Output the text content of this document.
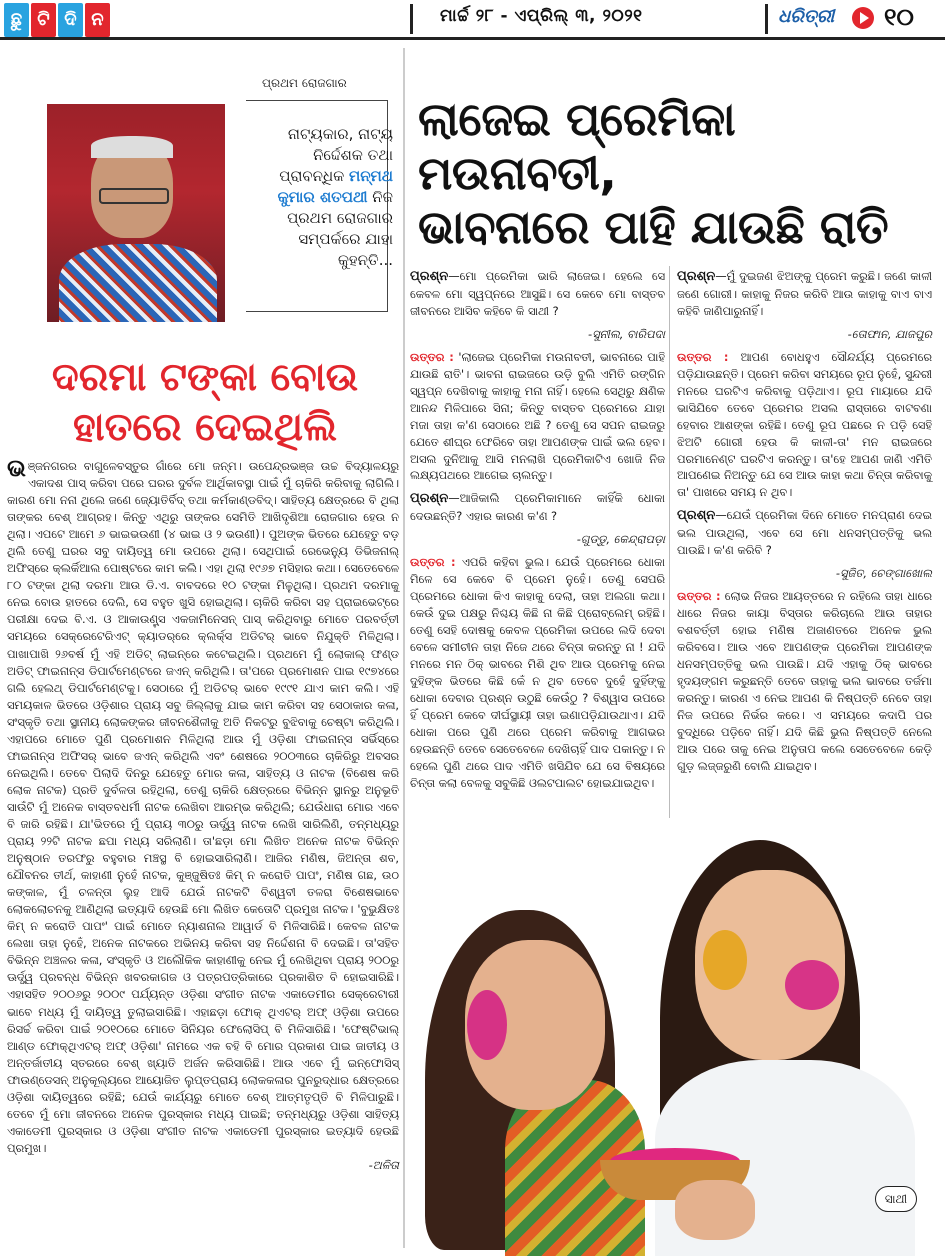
ଛୁ ଟି ଦି ନ	ମାର୍ଚ୍ଚ ୨୮ - ଏପ୍ରିଲ୍ ୩, ୨୦୨୧	ଧରିତ୍ରୀ ୧୦
ପ୍ରଥମ ରୋଜଗାର
ନାଟ୍ୟକାର, ନାଟ୍ୟ ନିର୍ଦ୍ଦେଶକ ତଥା ପ୍ରାବନ୍ଧିକ ମନ୍ମଥ କୁମାର ଶତପଥୀ ନିଜ ପ୍ରଥମ ରୋଜଗାର ସମ୍ପର୍କରେ ଯାହା କୁହନ୍ତି...
ଦରମା ଟଙ୍କା ବୋଉ ହାତରେ ଦେଇଥିଲି
ଭଞ୍ଜନଗରର ବାଗୁଳେବସ୍ତୁର ଗାଁରେ ମୋ ଜନ୍ମ। ଉପେନ୍ଦ୍ରଭଞ୍ଜ ଉଚ୍ଚ ବିଦ୍ୟାଳୟରୁ ଏକାଦଶ ପାସ୍ କରିବା ପରେ ଘରର ଦୁର୍ବଳ ଆର୍ଥିକାବସ୍ଥା ପାଇଁ ମୁଁ ଚାକିରି କରିବାକୁ ଲାଗିଲି। କାରଣ ମୋ ନନା ଥିଲେ ଜଣେ ଜ୍ୟୋତିର୍ବିଦ୍ ତଥା କର୍ମକାଣ୍ଡବିଦ୍। ସାହିତ୍ୟ କ୍ଷେତ୍ରରେ ବି ଥିଲା ତାଙ୍କର ବେଶ୍ ଆଗ୍ରହ। କିନ୍ତୁ ଏଥିରୁ ତାଙ୍କର ସେମିତି ଆଖିଦୃଶିଆ ରୋଜଗାର ହେଉ ନ ଥିଲା। ଏପଟେ ଆମେ ୬ ଭାଇଭଉଣୀ (୪ ଭାଇ ଓ ୨ ଭଉଣୀ)। ପୁଅଙ୍କ ଭିତରେ ଯେହେତୁ ବଡ଼ ଥିଲି ତେଣୁ ଘରର ସବୁ ଦାୟିତ୍ୱ ମୋ ଉପରେ ଥିଲା। ସେଥିପାଇଁ ରେଭେନ୍ୟୁ ଡିଭିଜନାଲ୍ ଅଫିସ୍‌ରେ କ୍ଲର୍କିଆଲ ପୋଷ୍ଟରେ କାମ କଲି। ଏହା ଥିଲା ୧୯୬୭ ମସିହାର କଥା। ସେତେବେଳେ ୮୦ ଟଙ୍କା ଥିଲା ଦରମା ଆଉ ଡି.ଏ. ବାବଦରେ ୧୦ ଟଙ୍କା ମିଳୁଥିଲା। ପ୍ରଥମ ଦରମାକୁ ନେଇ ବୋଉ ହାତରେ ଦେଲି, ସେ ବହୁତ ଖୁସି ହୋଇଥିଲା। ଚାକିରି କରିବା ସହ ପ୍ରାଇଭେଟ୍‌ରେ ପରୀକ୍ଷା ଦେଇ ବି.ଏ. ଓ ଆକାଉଣ୍ଟ୍ସ ଏକଜାମିନେସନ୍ ପାସ୍ କରିଥିବାରୁ ମୋତେ ପରବର୍ତ୍ତୀ ସମୟରେ ସେକ୍ରେଟେରିଏଟ୍ କ୍ୟାଡର୍‌ରେ କ୍ଲର୍କ୍‌ସ ଅଡିଟର୍ ଭାବେ ନିଯୁକ୍ତି ମିଳିଥିଲା। ପାଖାପାଖି ୨୬ବର୍ଷ ମୁଁ ଏହି ଅଡିଟ୍ ଲାଇନ୍‌ରେ କଟେଇଥିଲି। ପ୍ରଥମେ ମୁଁ ଲୋକାଲ୍ ଫଣ୍ଡ ଅଡିଟ୍ ଫାଇନାନ୍ସ ଡିପାର୍ଟମେଣ୍ଟରେ ଜଏନ୍ କରିଥିଲି। ତା'ପରେ ପ୍ରମୋଶନ ପାଇ ୧୯୭୪ରେ ଗଲି ହେଲଥ୍ ଡିପାର୍ଟମେଣ୍ଟକୁ। ସେଠାରେ ମୁଁ ଅଡିଟର୍ ଭାବେ ୧୯୯୧ ଯାଏ କାମ କଲି। ଏହି ସମୟକାଳ ଭିତରେ ଓଡ଼ିଶାର ପ୍ରାୟ ସବୁ ଜିଲ୍ଲାକୁ ଯାଇ କାମ କରିବା ସହ ସେଠାକାର କଳା, ସଂସ୍କୃତି ତଥା ସ୍ଥାନୀୟ ଲୋକଙ୍କର ଜୀବନଶୈଳୀକୁ ଅତି ନିକଟରୁ ବୁଝିବାକୁ ଚେଷ୍ଟା କରିଥିଲି। ଏହାପରେ ମୋତେ ପୁଣି ପ୍ରମୋଶନ ମିଳିଥିଲା ଆଉ ମୁଁ ଓଡ଼ିଶା ଫାଇନାନ୍ସ ସର୍ଭିସ୍‌ରେ ଫାଇନାନ୍ସ ଅଫିସର୍ ଭାବେ ଜଏନ୍ କରିଥିଲି ଏବଂ ଶେଷରେ ୨୦୦୩ରେ ଚାକିରିରୁ ଅବସର ନେଇଥିଲି। ତେବେ ପିଲାଦି ଦିନରୁ ଯେହେତୁ ମୋର କଳା, ସାହିତ୍ୟ ଓ ନାଟକ (ବିଶେଷ କରି ଲୋକ ନାଟକ) ପ୍ରତି ଦୁର୍ବଳତା ରହିଥିଲା, ତେଣୁ ଚାକିରି କ୍ଷେତ୍ରରେ ବିଭିନ୍ନ ସ୍ଥାନରୁ ଅନୁଭୂତି ସାଉଁଟି ମୁଁ ଅନେକ ବାସ୍ତବଧର୍ମୀ ନାଟକ ଲେଖିବା ଆରମ୍ଭ କରିଥିଲି; ଯେଉଁଧାରା ମୋର ଏବେ ବି ଜାରି ରହିଛି। ଯା'ଭିତରେ ମୁଁ ପ୍ରାୟ ୩୦ରୁ ଊର୍ଦ୍ଧ୍ୱ ନାଟକ ଲେଖି ସାରିଲିଣି, ତନ୍ମଧ୍ୟରୁ ପ୍ରାୟ ୨୨ଟି ନାଟକ ଛପା ମଧ୍ୟ ସରିଲାଣି। ତା'ଛଡ଼ା ମୋ ଲିଖିତ ଅନେକ ନାଟକ ବିଭିନ୍ନ ଅନୁଷ୍ଠାନ ତରଫରୁ ବହୁବାର ମଞ୍ଚସ୍ଥ ବି ହୋଇସାରିଲାଣି। ଆଜିର ମଣିଷ, ଜିଅନ୍ତା ଶବ, ଯୌବନର ତୀର୍ଥ, କାହାଣୀ ନୁହେଁ ନାଟକ, କୁଞ୍ଜୁଷିତଃ କିମ୍ ନ କରୋତି ପାପଂ, ମଣିଷ ଗଛ, ଉଠ କଙ୍କାଳ, ମୁଁ ଚଳନ୍ତା ଲୁହ ଆଦି ଯେଉଁ ନାଟକଟି ବିଶ୍ୱବୀ ତଳରା ବିଶେଷଭାବେ ଲୋକଲୋଚନକୁ ଆଣିଥିଲା ଇତ୍ୟାଦି ହେଉଛି ମୋ ଲିଖିତ କେତୋଟି ପ୍ରମୁଖ ନାଟକ। 'ବୁଭୁକ୍ଷିତଃ କିମ୍ ନ କରୋତି ପାପଂ' ପାଇଁ ମୋତେ ନ୍ୟାଶନାଲ ଆୱାର୍ଡ ବି ମିଳିସାରିଛି। କେବଳ ନାଟକ ଲେଖା ତାହା ନୁହେଁ, ଅନେକ ନାଟକରେ ଅଭିନୟ କରିବା ସହ ନିର୍ଦ୍ଦେଶନା ବି ଦେଇଛି। ତା'ସହିତ ବିଭିନ୍ନ ଅଞ୍ଚଳର କଳା, ସଂସ୍କୃତି ଓ ଅଲୌକିକ କାହାଣୀକୁ ନେଇ ମୁଁ ଲେଖିଥିବା ପ୍ରାୟ ୨୦୦ରୁ ଊର୍ଦ୍ଧ୍ୱ ପ୍ରବନ୍ଧ ବିଭିନ୍ନ ଖବରକାଗଜ ଓ ପତ୍ରପତ୍ରିକାରେ ପ୍ରକାଶିତ ବି ହୋଇସାରିଛି। ଏହାସହିତ ୨୦୦୬ରୁ ୨୦୦୯ ପର୍ଯ୍ୟନ୍ତ ଓଡ଼ିଶା ସଂଗୀତ ନାଟକ ଏକାଡେମୀର ସେକ୍ରେଟାରୀ ଭାବେ ମଧ୍ୟ ମୁଁ ଦାୟିତ୍ୱ ତୁଲାଇସାରିଛି। ଏହାଛଡ଼ା ଫୋକ୍ ଥିଏଟର୍ ଅଫ୍ ଓଡ଼ିଶା ଉପରେ ରିସର୍ଚ୍ଚ କରିବା ପାଇଁ ୨୦୧୦ରେ ମୋତେ ସିନିୟର ଫେଲୋସିପ୍ ବି ମିଳିସାରିଛି। 'ଫେଷ୍ଟିଭାଲ୍ ଆଣ୍ଡ ଫୋକ୍‌ଥିଏଟର୍ ଅଫ୍ ଓଡ଼ିଶା' ନାମରେ ଏକ ବହି ବି ମୋର ପ୍ରକାଶ ପାଇ ଜାତୀୟ ଓ ଅନ୍ତର୍ଜାତୀୟ ସ୍ତରରେ ବେଶ୍ ଖ୍ୟାତି ଅର୍ଜନ କରିସାରିଛି। ଆଉ ଏବେ ମୁଁ ଇନ୍‌ଫୋସିସ୍ ଫାଉଣ୍ଡେସନ୍ ଅନୁକୂଲ୍ୟରେ ଆୟୋଜିତ ଲୁପ୍ତପ୍ରାୟ ଲୋକକଳାର ପୁନରୁଦ୍ଧାର କ୍ଷେତ୍ରରେ ଓଡ଼ିଶା ଦାୟିତ୍ୱରେ ରହିଛି; ଯେଉଁ କାର୍ଯ୍ୟରୁ ମୋତେ ବେଶ୍ ଆତ୍ମତୃପ୍ତି ବି ମିଳିପାରୁଛି। ତେବେ ମୁଁ ମୋ ଜୀବନରେ ଅନେକ ପୁରସ୍କାର ମଧ୍ୟ ପାଇଛି; ତନ୍ମଧ୍ୟରୁ ଓଡ଼ିଶା ସାହିତ୍ୟ ଏକାଡେମୀ ପୁରସ୍କାର ଓ ଓଡ଼ିଶା ସଂଗୀତ ନାଟକ ଏକାଡେମୀ ପୁରସ୍କାର ଇତ୍ୟାଦି ହେଉଛି ପ୍ରମୁଖ।
-ଅଳିତା
ଲାଜେଇ ପ୍ରେମିକା ମଉନାବତୀ,
ଭାବନାରେ ପାହି ଯାଉଛି ରାତି
ପ୍ରଶ୍ନ—ମୋ ପ୍ରେମିକା ଭାରି ଲାଜେଇ। ହେଲେ ସେ କେବଳ ମୋ ସ୍ୱପ୍ନରେ ଆସୁଛି। ସେ କେବେ ମୋ ବାସ୍ତବ ଜୀବନରେ ଆସିବ କହିବେ କି ସାଥୀ ?
-ସୁନୀଲ, ବାରିପଦା
ଉତ୍ତର : 'ଲାଜେଇ ପ୍ରେମିକା ମଉନାବତୀ, ଭାବନାରେ ପାହି ଯାଉଛି ରାତି'। ଭାବନା ରାଇଜରେ ଉଡ଼ି ବୁଲି ଏମିତି ରଙ୍ଗିନ ସ୍ୱପ୍ନ ଦେଖିବାକୁ କାହାକୁ ମନା ନାହିଁ। ହେଲେ ସେଥିରୁ କ୍ଷଣିକ ଆନନ୍ଦ ମିଳିପାରେ ସିନା; କିନ୍ତୁ ବାସ୍ତବ ପ୍ରେମରେ ଯାହା ମଜା ତାହା କ'ଣ ସେଠାରେ ଅଛି ? ତେଣୁ ସେ ସପନ ରାଇଜରୁ ଯେତେ ଶୀଘ୍ର ଫେରିବେ ତାହା ଆପଣଙ୍କ ପାଇଁ ଭଲ ହେବ। ଅସଲ ଦୁନିଆକୁ ଆସି ମନଲାଖି ପ୍ରେମିକାଟିଏ ଖୋଜି ନିଜ ଲକ୍ଷ୍ୟପଥରେ ଆଗେଇ ଚାଲନ୍ତୁ।
ପ୍ରଶ୍ନ—ଆଜିକାଲି ପ୍ରେମିକାମାନେ କାହିଁକି ଧୋକା ଦେଉଛନ୍ତି? ଏହାର କାରଣ କ'ଣ ?
-ଗୁଡ୍ଡୁ, କେନ୍ଦ୍ରାପଡ଼ା
ଉତ୍ତର : ଏପରି କହିବା ଭୁଲ। ଯେଉଁ ପ୍ରେମରେ ଧୋକା ମିଳେ ସେ କେବେ ବି ପ୍ରେମ ନୁହେଁ। ତେଣୁ ସେପରି ପ୍ରେମରେ ଧୋକା କିଏ କାହାକୁ ଦେଲା, ତାହା ଅଲଗା କଥା। କେଉଁ ଦୁଇ ପକ୍ଷରୁ ନିଶ୍ଚୟ କିଛି ନା କିଛି ପ୍ରୋବ୍ଲେମ୍ ରହିଛି। ତେଣୁ ସେହି ଦୋଷକୁ କେବଳ ପ୍ରେମିକା ଉପରେ ଲଦି ଦେବା ବେଳେ ସମୀଚୀନ ତାହା ନିଜେ ଥରେ ଚିନ୍ତା କରନ୍ତୁ ନା ! ଯଦି ମନରେ ମନ ଠିକ୍ ଭାବରେ ମିଶି ଥିବ ଆଉ ପ୍ରେମକୁ ନେଇ ଦୁହିଙ୍କ ଭିତରେ କିଛି କେଁ ନ ଥିବ ତେବେ ଦୁହେଁ ଦୁହିଁଙ୍କୁ ଧୋକା ଦେବାର ପ୍ରଶ୍ନ ଉଠୁଛି କେଉଁଠୁ ? ବିଶ୍ୱାସ ଉପରେ ହିଁ ପ୍ରେମ କେବେ ଦୀର୍ଘସ୍ଥାୟୀ ତାହା ଇଣାପଡ଼ିଯାଉଥାଏ। ଯଦି ଧୋକା ପରେ ପୁଣି ଥରେ ପ୍ରେମ କରିବାକୁ ଆଗଭର ହେଉଛନ୍ତି ତେବେ ସେତେବେଳେ ଦେଖିଚାହିଁ ପାଦ ପକାନ୍ତୁ। ନ ହେଲେ ପୁଣି ଥରେ ପାଦ ଏମିତି ଖସିଯିବ ଯେ ସେ ବିଷୟରେ ଚିନ୍ତା କଲା ବେଳକୁ ସବୁକିଛି ଓଲଟପାଲଟ ହୋଇଯାଇଥିବ।
ପ୍ରଶ୍ନ—ମୁଁ ଦୁଇଜଣ ଝିଅଙ୍କୁ ପ୍ରେମ କରୁଛି। ଜଣେ କାଳୀ ଜଣେ ଗୋରୀ। କାହାକୁ ନିଜର କରିବି ଆଉ କାହାକୁ ବାଏ ବାଏ କହିବି ଜାଣିପାରୁନାହିଁ।
-ତୋଫାନ, ଯାଜପୁର
ଉତ୍ତର : ଆପଣ ବୋଧହୁଏ ସୌନ୍ଦର୍ଯ୍ୟ ପ୍ରେମରେ ପଡ଼ିଯାଉଛନ୍ତି। ପ୍ରେମ କରିବା ସମୟରେ ରୂପ ନୁହେଁ, ସୁନ୍ଦରୀ ମନରେ ଘରଟିଏ କରିବାକୁ ପଡ଼ିଥାଏ। ରୂପ ମାୟାରେ ଯଦି ଭାସିଯିବେ ତେବେ ପ୍ରେମର ଅସଲ ରାସ୍ତାରେ ବାଟବଣା ହେବାର ଆଶଙ୍କା ରହିଛି। ତେଣୁ ରୂପ ପଛରେ ନ ପଡ଼ି ସେହି ଝିଅଟି ଗୋରୀ ହେଉ କି କାଳୀ-ତା' ମନ ରାଇଜରେ ପରମାନେଣ୍ଟ ଘରଟିଏ କରନ୍ତୁ। ତା'ହେ ଆପଣ ଜାଣି ଏମିତି ଆପଣେଇ ନିଅନ୍ତୁ ଯେ ସେ ଆଉ କାହା କଥା ଚିନ୍ତା କରିବାକୁ ତା' ପାଖରେ ସମୟ ନ ଥିବ।
ପ୍ରଶ୍ନ—ଯେଉଁ ପ୍ରେମିକା ଦିନେ ମୋତେ ମନପ୍ରାଣ ଦେଇ ଭଲ ପାଉଥିଲା, ଏବେ ସେ ମୋ ଧନସମ୍ପତ୍ତିକୁ ଭଲ ପାଉଛି। କ'ଣ କରିବି ?
-ସୁଜିତ, ଚେଙ୍ଗାଖୋଲ
ଉତ୍ତର : ଲୋଭ ନିଜର ଆୟତ୍ତରେ ନ ରହିଲେ ତାହା ଧାରେ ଧାରେ ନିଜର କାୟା ବିସ୍ତାର କରିଚାଲେ ଆଉ ତାହାର ବଶବର୍ତ୍ତୀ ହୋଇ ମଣିଷ ଅଜାଣତରେ ଅନେକ ଭୁଲ କରିବସେ। ଆଉ ଏବେ ଆପଣଙ୍କ ପ୍ରେମିକା ଆପଣଙ୍କ ଧନସମ୍ପତ୍ତିକୁ ଭଲ ପାଉଛି। ଯଦି ଏହାକୁ ଠିକ୍ ଭାବରେ ହୃଦୟଙ୍ଗମ କରୁଛନ୍ତି ତେବେ ତାହାକୁ ଭଲ ଭାବରେ ତର୍ଜମା କରନ୍ତୁ। କାରଣ ଏ ନେଇ ଆପଣ କି ନିଷ୍ପତ୍ତି ନେବେ ତାହା ନିଜ ଉପରେ ନିର୍ଭର କରେ। ଏ ସମୟରେ କଦାପି ପର ବୁଦ୍ଧିରେ ପଡ଼ିବେ ନାହିଁ। ଯଦି କିଛି ଭୁଲ ନିଷ୍ପତ୍ତି ନେଲେ ଆଉ ପରେ ତାକୁ ନେଇ ଅନୁତାପ କଲେ ସେତେବେଳେ କେଡ଼ି ଗୁଡ଼ ଲଜ୍ଜରୁଣି ବୋଲି ଯାଇଥିବ।
ସାଥୀ
